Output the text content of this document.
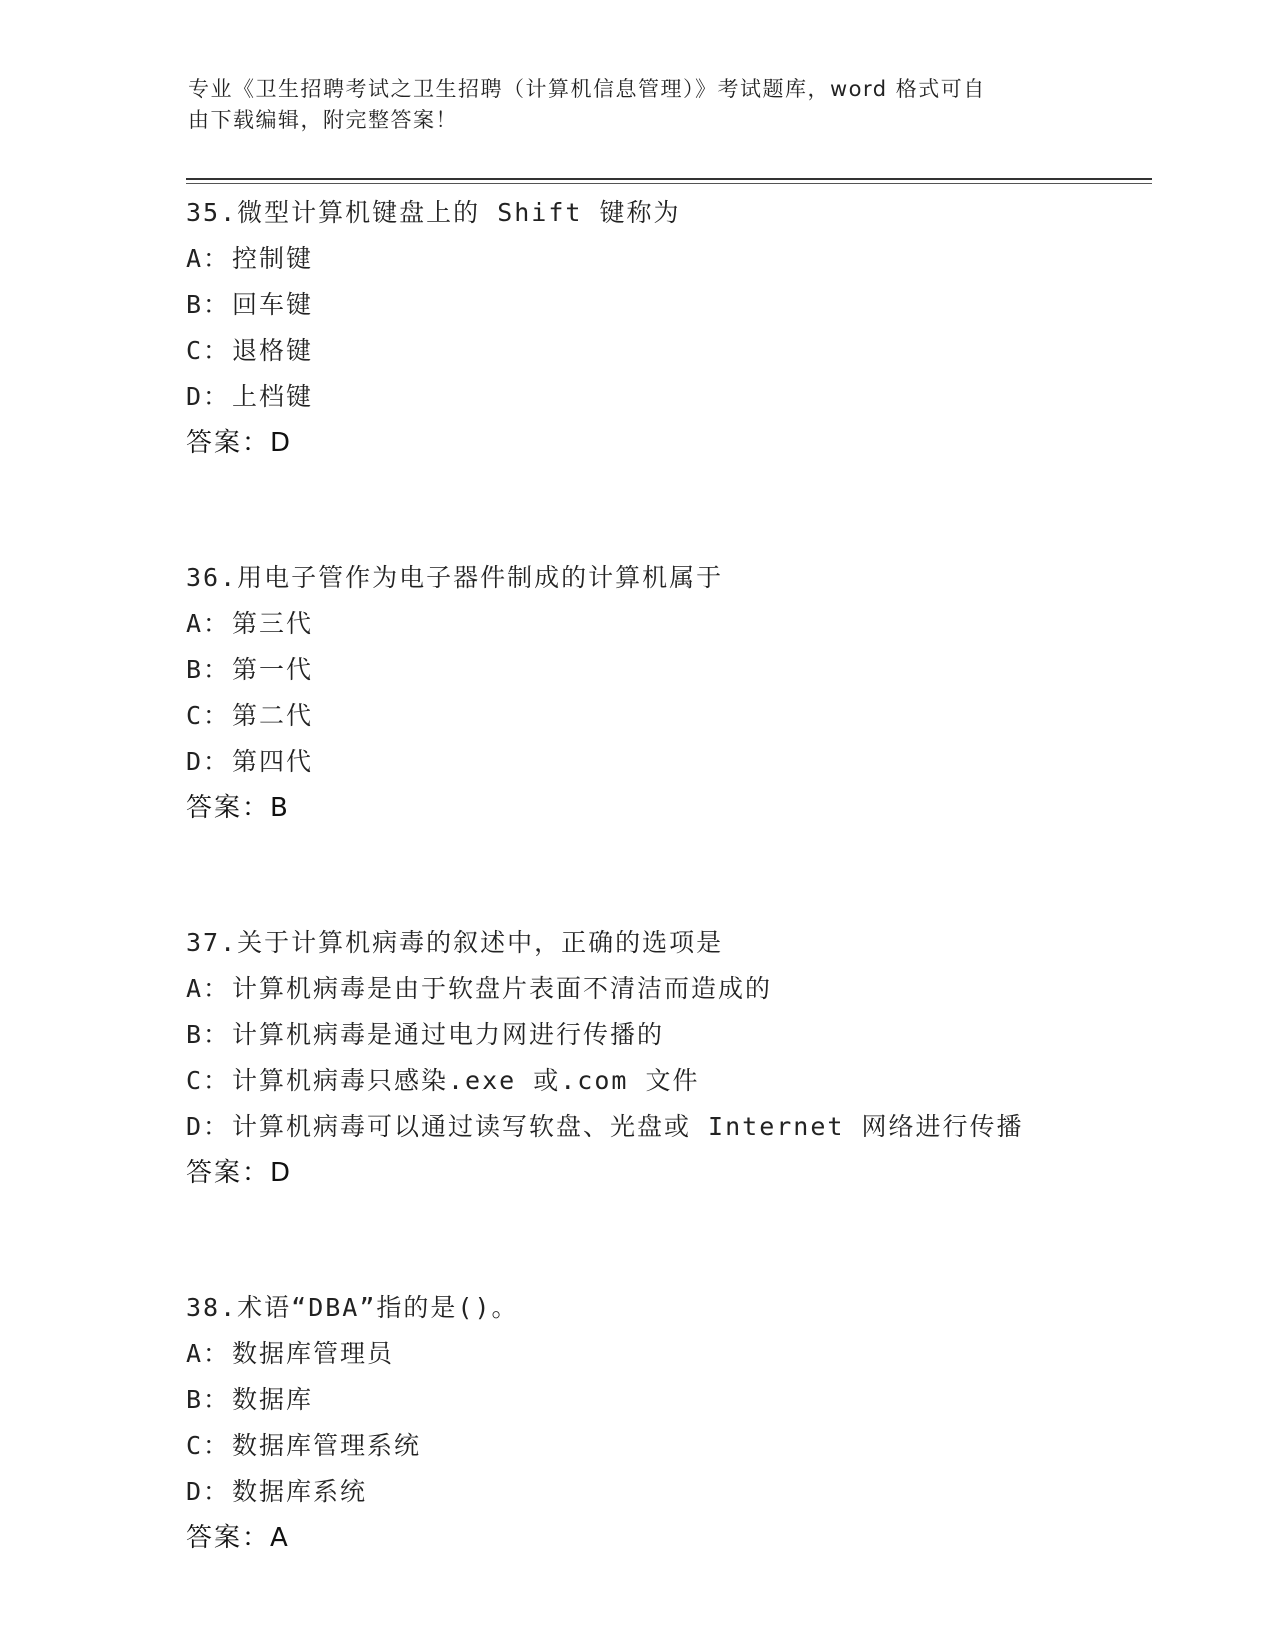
专业《卫生招聘考试之卫生招聘（计算机信息管理）》考试题库，word 格式可自
由下载编辑，附完整答案！
35.微型计算机键盘上的 Shift 键称为
A：控制键
B：回车键
C：退格键
D：上档键
答案：D
36.用电子管作为电子器件制成的计算机属于
A：第三代
B：第一代
C：第二代
D：第四代
答案：B
37.关于计算机病毒的叙述中，正确的选项是
A：计算机病毒是由于软盘片表面不清洁而造成的
B：计算机病毒是通过电力网进行传播的
C：计算机病毒只感染.exe 或.com 文件
D：计算机病毒可以通过读写软盘、光盘或 Internet 网络进行传播
答案：D
38.术语“DBA”指的是()。
A：数据库管理员
B：数据库
C：数据库管理系统
D：数据库系统
答案：A
